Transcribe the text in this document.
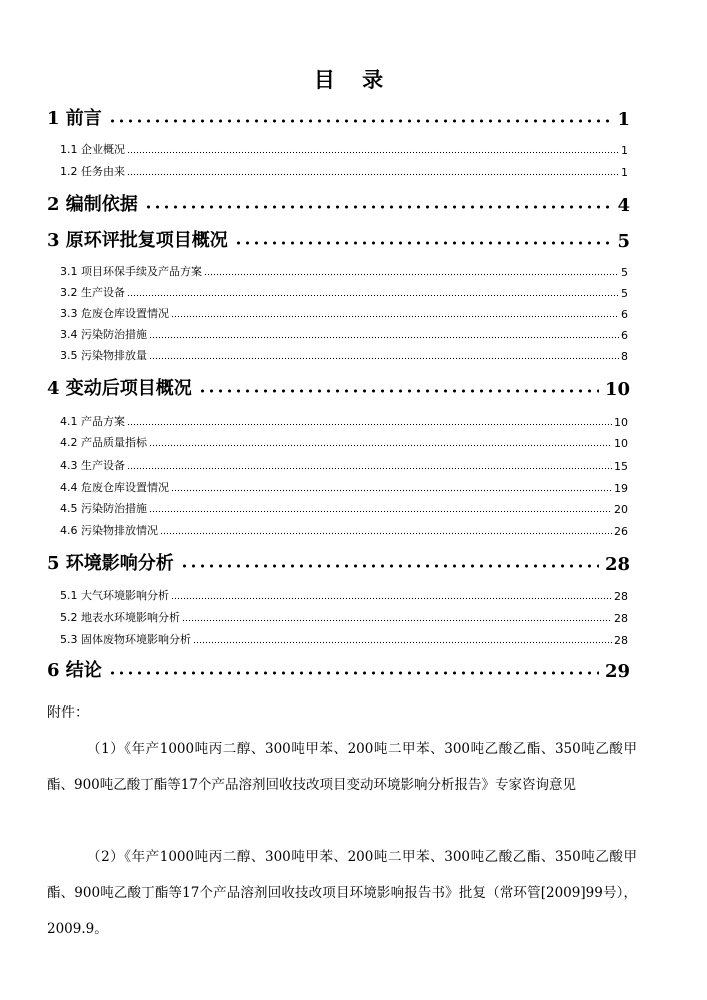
目 录
1 前言	1
1.1 企业概况	1
1.2 任务由来	1
2 编制依据	4
3 原环评批复项目概况	5
3.1 项目环保手续及产品方案	5
3.2 生产设备	5
3.3 危废仓库设置情况	6
3.4 污染防治措施	6
3.5 污染物排放量	8
4 变动后项目概况	10
4.1 产品方案	10
4.2 产品质量指标	10
4.3 生产设备	15
4.4 危废仓库设置情况	19
4.5 污染防治措施	20
4.6 污染物排放情况	26
5 环境影响分析	28
5.1 大气环境影响分析	28
5.2 地表水环境影响分析	28
5.3 固体废物环境影响分析	28
6 结论	29
附件：
（1）《年产1000吨丙二醇、300吨甲苯、200吨二甲苯、300吨乙酸乙酯、350吨乙酸甲酯、900吨乙酸丁酯等17个产品溶剂回收技改项目变动环境影响分析报告》专家咨询意见
（2）《年产1000吨丙二醇、300吨甲苯、200吨二甲苯、300吨乙酸乙酯、350吨乙酸甲酯、900吨乙酸丁酯等17个产品溶剂回收技改项目环境影响报告书》批复（常环管[2009]99号），2009.9。
